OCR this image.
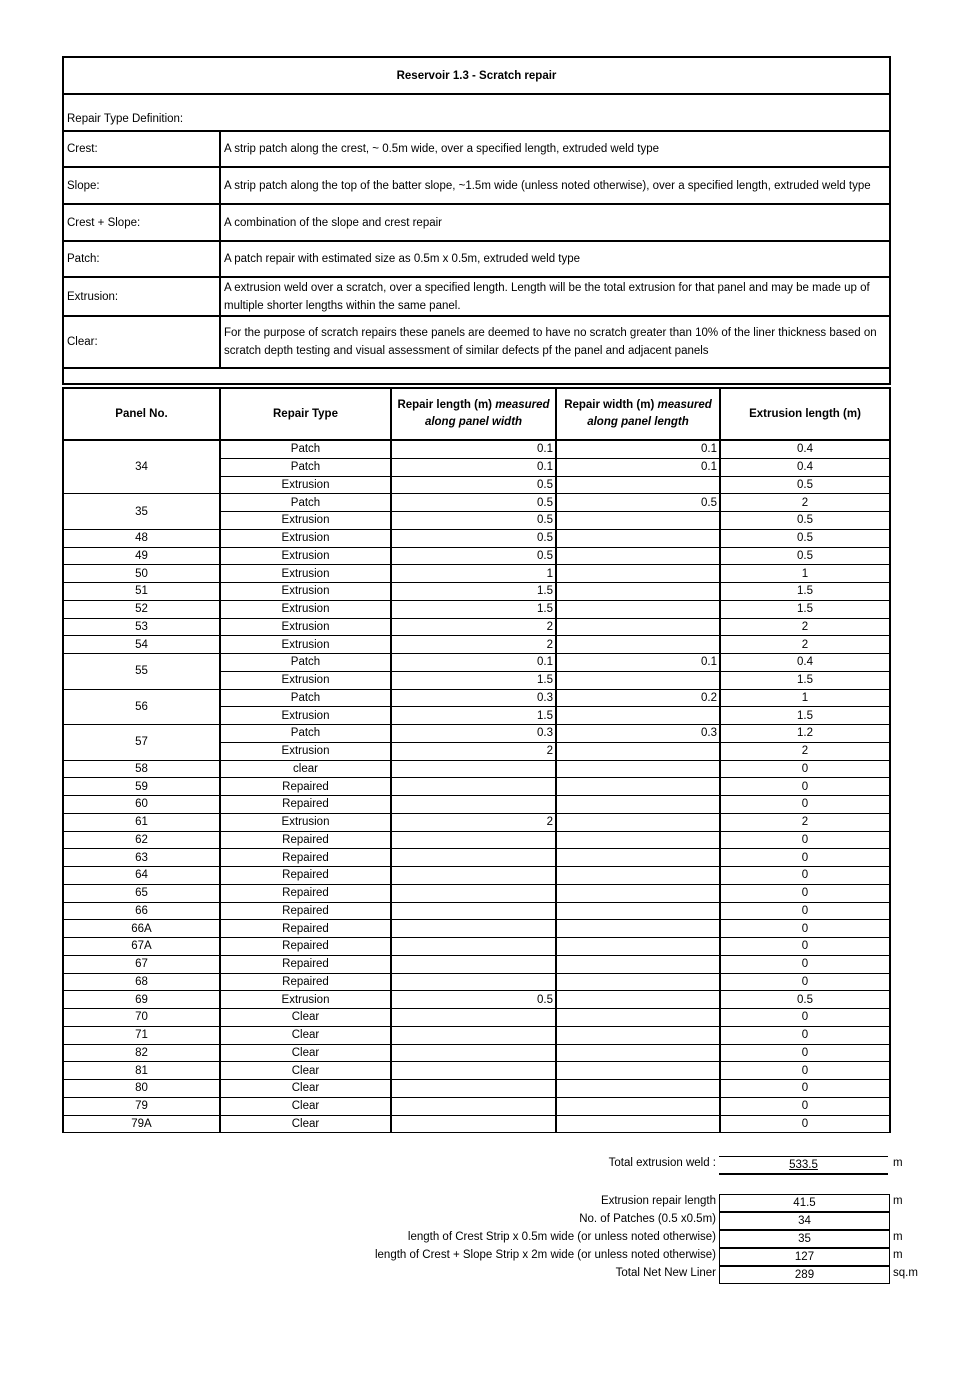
Reservoir 1.3 - Scratch repair	
Repair Type Definition:	
Crest:	A strip patch along the crest, ~ 0.5m wide, over a specified length, extruded weld type
Slope:	A strip patch along the top of the batter slope, ~1.5m wide (unless noted otherwise), over a specified length, extruded weld type
Crest + Slope:	A combination of the slope and crest repair
Patch:	A patch repair with estimated size as 0.5m x 0.5m, extruded weld type
Extrusion:	A extrusion weld over a scratch, over a specified length. Length will be the total extrusion for that panel and may be made up of multiple shorter lengths within the same panel.
Clear:	For the purpose of scratch repairs these panels are deemed to have no scratch greater than 10% of the liner thickness based on scratch depth testing and visual assessment of similar defects pf the panel and adjacent panels

Panel No.	Repair Type	Repair length (m) measured along panel width	Repair width (m) measured along panel length	Extrusion length (m)
34	Patch	0.1	0.1	0.4
	Patch	0.1	0.1	0.4
	Extrusion	0.5		0.5
35	Patch	0.5	0.5	2
	Extrusion	0.5		0.5
48	Extrusion	0.5		0.5
49	Extrusion	0.5		0.5
50	Extrusion	1		1
51	Extrusion	1.5		1.5
52	Extrusion	1.5		1.5
53	Extrusion	2		2
54	Extrusion	2		2
55	Patch	0.1	0.1	0.4
	Extrusion	1.5		1.5
56	Patch	0.3	0.2	1
	Extrusion	1.5		1.5
57	Patch	0.3	0.3	1.2
	Extrusion	2		2
58	clear			0
59	Repaired			0
60	Repaired			0
61	Extrusion	2		2
62	Repaired			0
63	Repaired			0
64	Repaired			0
65	Repaired			0
66	Repaired			0
66A	Repaired			0
67A	Repaired			0
67	Repaired			0
68	Repaired			0
69	Extrusion	0.5		0.5
70	Clear			0
71	Clear			0
82	Clear			0
81	Clear			0
80	Clear			0
79	Clear			0
79A	Clear			0
Total extrusion weld :	533.5	m
Extrusion repair length	41.5	m
No. of Patches (0.5 x0.5m)	34
length of Crest Strip x 0.5m wide (or unless noted otherwise)	35	m
length of Crest + Slope Strip x 2m wide (or unless noted otherwise)	127	m
Total Net New Liner	289	sq.m
